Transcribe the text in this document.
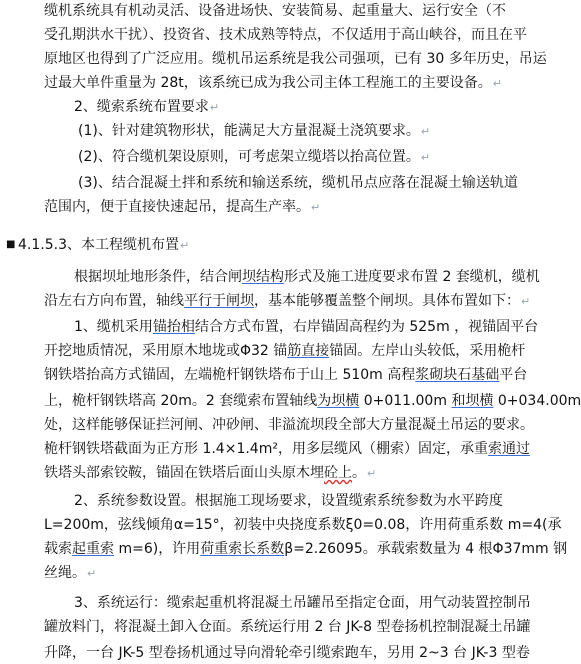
缆机系统具有机动灵活、设备进场快、安装简易、起重量大、运行安全（不
受孔期洪水干扰）、投资省、技术成熟等特点，不仅适用于高山峡谷，而且在平
原地区也得到了广泛应用。缆机吊运系统是我公司强项，已有 30 多年历史，吊运
过最大单件重量为 28t，该系统已成为我公司主体工程施工的主要设备。↵
2、缆索系统布置要求↵
(1)、针对建筑物形状，能满足大方量混凝土浇筑要求。↵
(2)、符合缆机架设原则，可考虑架立缆塔以抬高位置。↵
(3)、结合混凝土拌和系统和输送系统，缆机吊点应落在混凝土输送轨道
范围内，便于直接快速起吊，提高生产率。↵
■ 4.1.5.3、本工程缆机布置↵
根据坝址地形条件，结合闸坝结构形式及施工进度要求布置 2 套缆机，缆机
沿左右方向布置，轴线平行于闸坝，基本能够覆盖整个闸坝。具体布置如下：↵
1、缆机采用锚抬相结合方式布置，右岸锚固高程约为 525m ，视锚固平台
开挖地质情况，采用原木地垅或Φ32 锚筋直接锚固。左岸山头较低，采用桅杆
钢铁塔抬高方式锚固，左端桅杆钢铁塔布于山上 510m 高程浆砌块石基础平台
上，桅杆钢铁塔高 20m。2 套缆索布置轴线为坝横 0+011.00m 和坝横 0+034.00m
处，这样能够保证拦河闸、冲砂闸、非溢流坝段全部大方量混凝土吊运的要求。
桅杆钢铁塔截面为正方形 1.4×1.4m²，用多层缆风（棚索）固定，承重索通过
铁塔头部索铰鞍，锚固在铁塔后面山头原木埋砼上。↵
2、系统参数设置。根据施工现场要求，设置缆索系统参数为水平跨度
L=200m，弦线倾角α=15°，初装中央挠度系数ξ0=0.08，许用荷重系数 m=4(承
载索起重索 m=6)，许用荷重索长系数β=2.26095。承载索数量为 4 根Φ37mm 钢
丝绳。↵
3、系统运行：缆索起重机将混凝土吊罐吊至指定仓面，用气动装置控制吊
罐放料门，将混凝土卸入仓面。系统运行用 2 台 JK-8 型卷扬机控制混凝土吊罐
升降，一台 JK-5 型卷扬机通过导向滑轮牵引缆索跑车，另用 2~3 台 JK-3 型卷
